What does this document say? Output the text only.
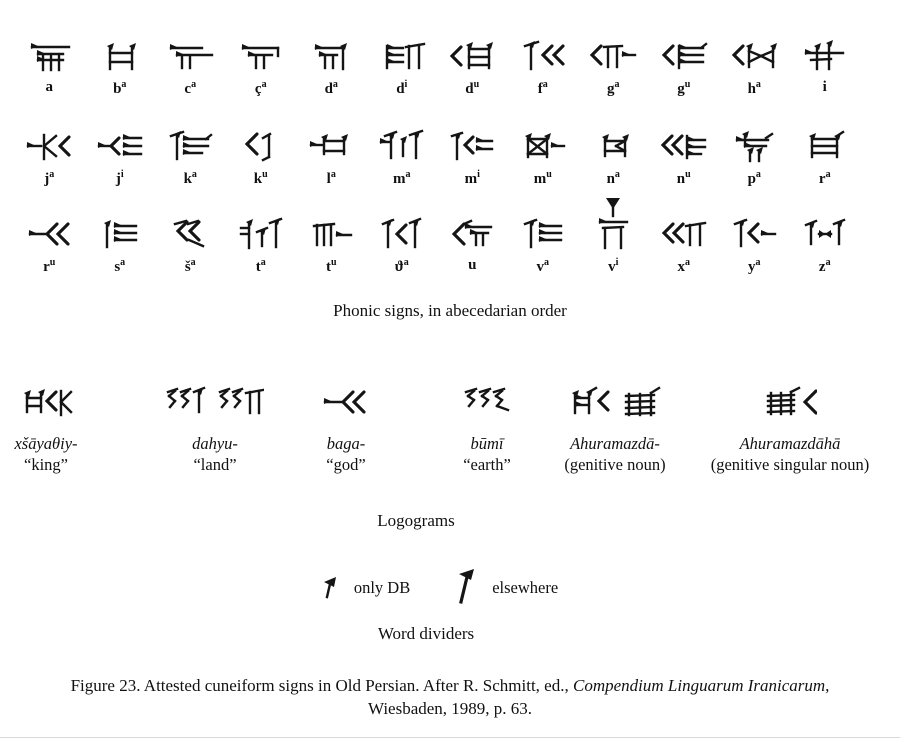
a	$b^a$	$c^a$	$ç^a$	$d^a$	$d^i$	$d^u$	$f^a$	$g^a$	$g^u$	$h^a$	i
$j^a$	$j^i$	$k^a$	$k^u$	$l^a$	$m^a$	$m^i$	$m^u$	$n^a$	$n^u$	$p^a$	$r^a$
$r^u$	$s^a$	$š^a$	$t^a$	$t^u$	$ϑ^a$	u	$v^a$	$v^i$	$x^a$	$y^a$	$z^a$
Phonic signs, in abecedarian order
xšāyaθiy-
“king”
dahyu-
“land”
baga-
“god”
būmī
“earth”
Ahuramazdā-
(genitive noun)
Ahuramazdāhā
(genitive singular noun)
Logograms
only DB	elsewhere
Word dividers
Figure 23. Attested cuneiform signs in Old Persian. After R. Schmitt, ed., Compendium Linguarum Iranicarum,
Wiesbaden, 1989, p. 63.
